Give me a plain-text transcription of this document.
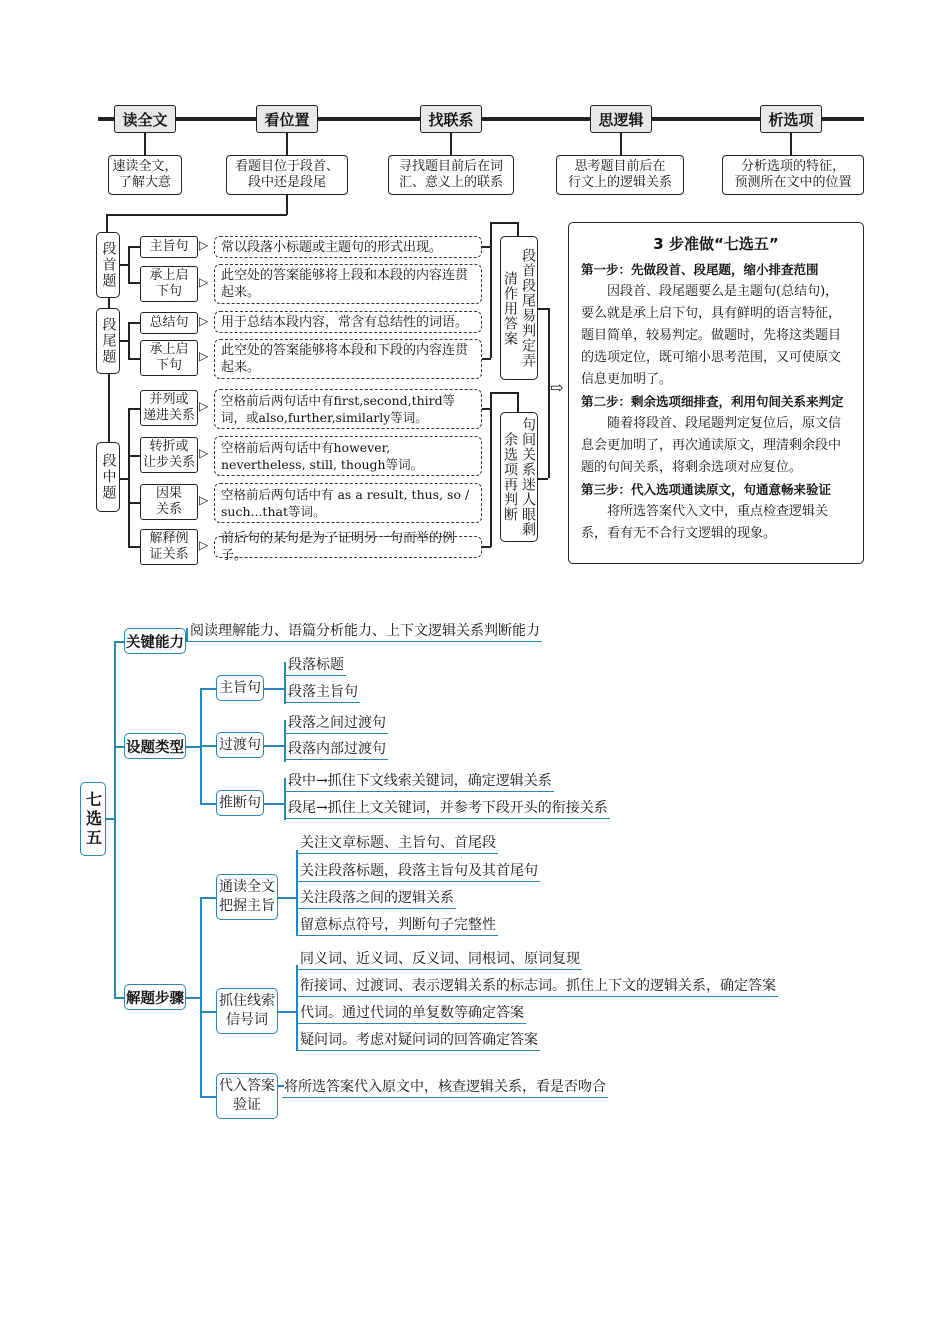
读全文	看位置	找联系	思逻辑	析选项
速读全文，
了解大意
看题目位于段首、
段中还是段尾
寻找题目前后在词
汇、意义上的联系
思考题目前后在
行文上的逻辑关系
分析选项的特征，
预测所在文中的位置
段首题
段尾题
段中题
主旨句
承上启
下句
总结句
承上启
下句
并列或
递进关系
转折或
让步关系
因果
关系
解释例
证关系
▷
▷
▷
▷
▷
▷
▷
▷
常以段落小标题或主题句的形式出现。
此空处的答案能够将上段和本段的内容连贯起来。
用于总结本段内容，常含有总结性的词语。
此空处的答案能够将本段和下段的内容连贯起来。
空格前后两句话中有first,second,third等词，或also,further,similarly等词。
空格前后两句话中有however, nevertheless, still, though等词。
空格前后两句话中有 as a result, thus, so / such...that等词。
前后句的某句是为了证明另一句而举的例子。
段首段尾易判定弄清作用答案
句间关系迷人眼剩余选项再判断
⇨
3 步准做“七选五”
第一步：先做段首、段尾题，缩小排查范围
因段首、段尾题要么是主题句(总结句)，要么就是承上启下句，具有鲜明的语言特征，题目简单，较易判定。做题时，先将这类题目的选项定位，既可缩小思考范围，又可使原文信息更加明了。
第二步：剩余选项细排查，利用句间关系来判定
随着将段首、段尾题判定复位后，原文信息会更加明了，再次通读原文，理清剩余段中题的句间关系，将剩余选项对应复位。
第三步：代入选项通读原文，句通意畅来验证
将所选答案代入文中，重点检查逻辑关系，看有无不合行文逻辑的现象。
七选五
关键能力
阅读理解能力、语篇分析能力、上下文逻辑关系判断能力
设题类型
主旨句
过渡句
推断句
段落标题
段落主旨句
段落之间过渡句
段落内部过渡句
段中→抓住下文线索关键词，确定逻辑关系
段尾→抓住上文关键词，并参考下段开头的衔接关系
解题步骤
通读全文
把握主旨
抓住线索
信号词
代入答案
验证
关注文章标题、主旨句、首尾段
关注段落标题，段落主旨句及其首尾句
关注段落之间的逻辑关系
留意标点符号，判断句子完整性
同义词、近义词、反义词、同根词、原词复现
衔接词、过渡词、表示逻辑关系的标志词。抓住上下文的逻辑关系，确定答案
代词。通过代词的单复数等确定答案
疑问词。考虑对疑问词的回答确定答案
将所选答案代入原文中，核查逻辑关系，看是否吻合
